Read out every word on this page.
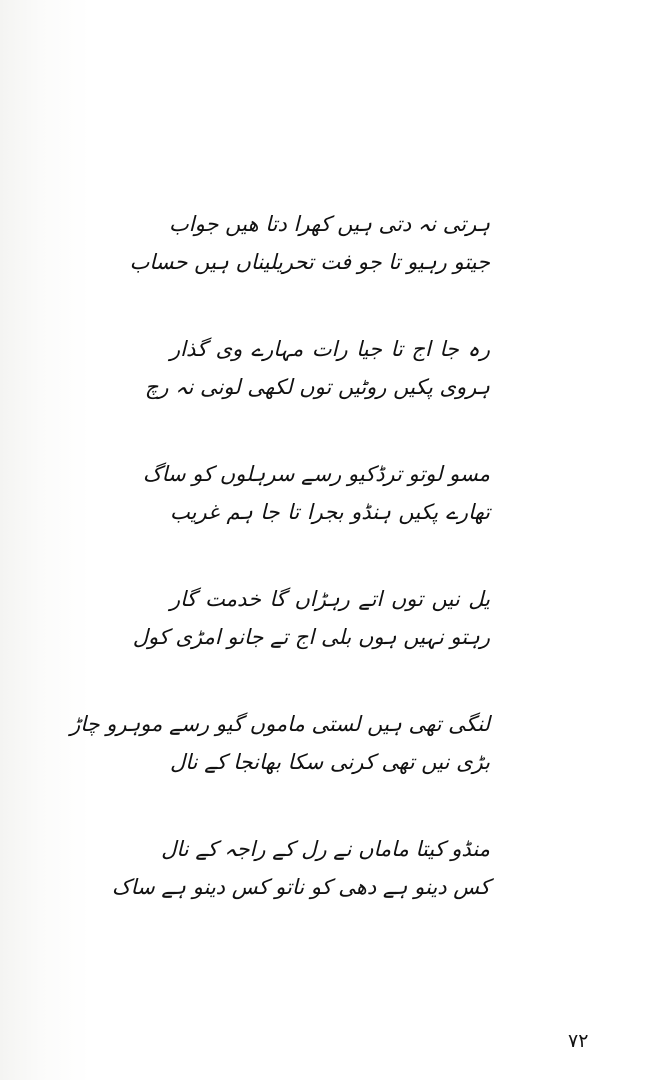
ہرتی نہ دتی ہیں کھرا دتا ھیں جواب
جیتو رہیو تا جو فت تحریلیناں ہیں حساب
رہ جا اج تا جیا رات مہارے وی گذار
ہروی پکیں روٹیں توں لکھی لونی نہ رچ
مسو لوتو ترڈکیو رسے سرہلوں کو ساگ
تھارے پکیں ہنڈو بجرا تا جا ہم غریب
یل نیں توں اتے رہڑاں گا خدمت گار
رہتو نہیں ہوں بلی اج تے جانو امڑی کول
لنگی تھی ہیں لستی ماموں گیو رسے موہرو چاڑ
بڑی نیں تھی کرنی سکا بھانجا کے نال
منڈو کیتا ماماں نے رل کے راجہ کے نال
کس دینو ہے دھی کو ناتو کس دینو ہے ساک
۷۲
